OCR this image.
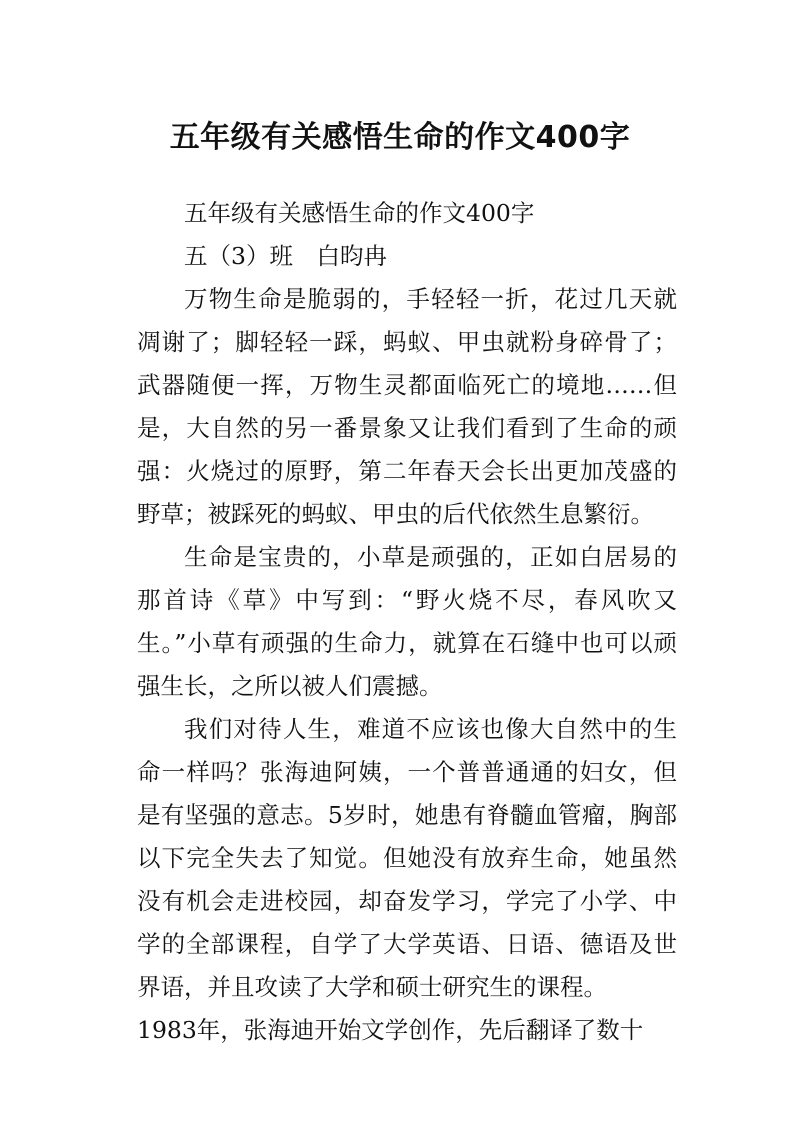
五年级有关感悟生命的作文400字

五年级有关感悟生命的作文400字

五（3）班　白昀冉

万物生命是脆弱的，手轻轻一折，花过几天就凋谢了；脚轻轻一踩，蚂蚁、甲虫就粉身碎骨了；武器随便一挥，万物生灵都面临死亡的境地……但是，大自然的另一番景象又让我们看到了生命的顽强：火烧过的原野，第二年春天会长出更加茂盛的野草；被踩死的蚂蚁、甲虫的后代依然生息繁衍。

生命是宝贵的，小草是顽强的，正如白居易的那首诗《草》中写到：“野火烧不尽，春风吹又生。”小草有顽强的生命力，就算在石缝中也可以顽强生长，之所以被人们震撼。

我们对待人生，难道不应该也像大自然中的生命一样吗？张海迪阿姨，一个普普通通的妇女，但是有坚强的意志。5岁时，她患有脊髓血管瘤，胸部以下完全失去了知觉。但她没有放弃生命，她虽然没有机会走进校园，却奋发学习，学完了小学、中学的全部课程，自学了大学英语、日语、德语及世界语，并且攻读了大学和硕士研究生的课程。

1983年，张海迪开始文学创作，先后翻译了数十
